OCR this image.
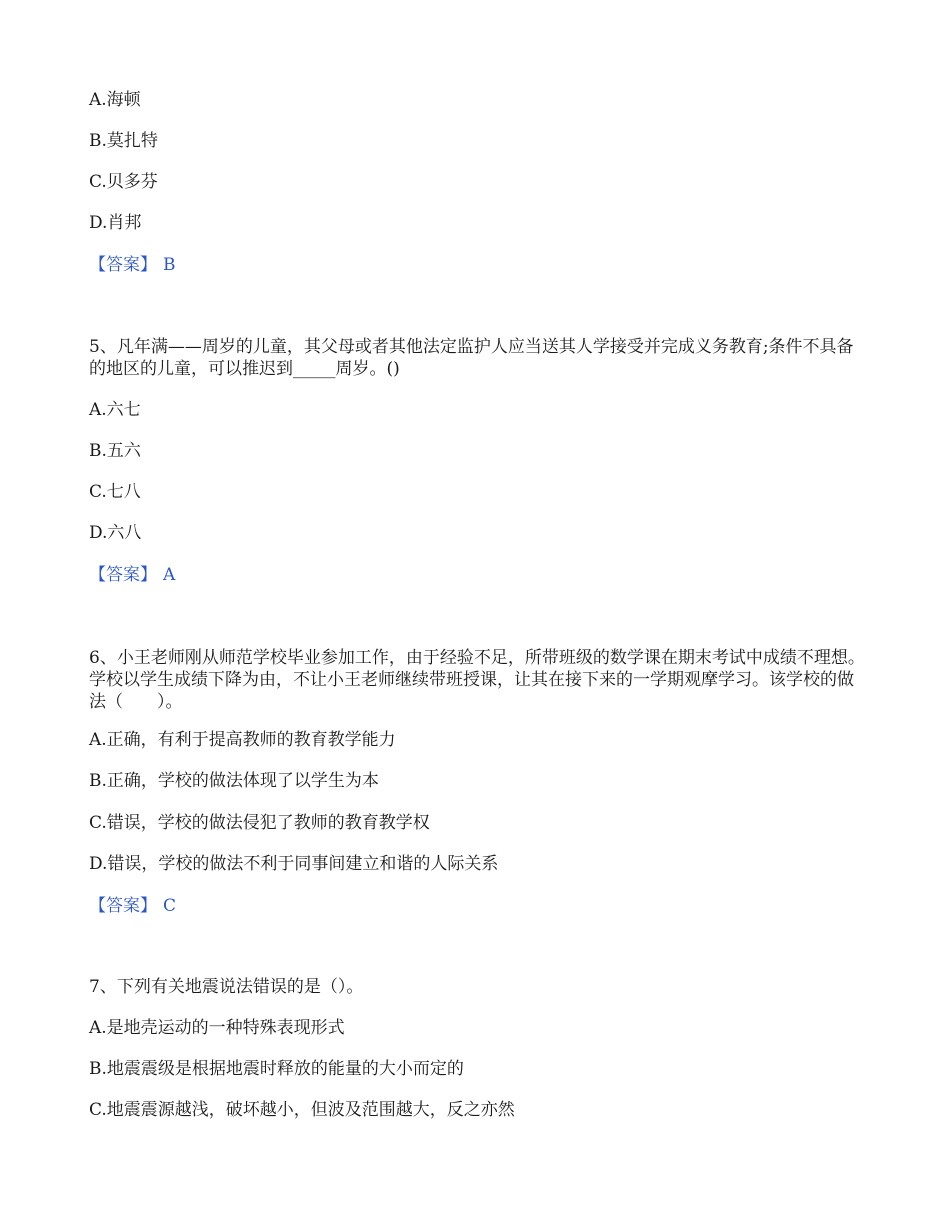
A.海顿
B.莫扎特
C.贝多芬
D.肖邦
【答案】 B
5、凡年满——周岁的儿童，其父母或者其他法定监护人应当送其人学接受并完成义务教育;条件不具备的地区的儿童，可以推迟到_____周岁。()
A.六七
B.五六
C.七八
D.六八
【答案】 A
6、小王老师刚从师范学校毕业参加工作，由于经验不足，所带班级的数学课在期末考试中成绩不理想。学校以学生成绩下降为由，不让小王老师继续带班授课，让其在接下来的一学期观摩学习。该学校的做法（　　）。
A.正确，有利于提高教师的教育教学能力
B.正确，学校的做法体现了以学生为本
C.错误，学校的做法侵犯了教师的教育教学权
D.错误，学校的做法不利于同事间建立和谐的人际关系
【答案】 C
7、下列有关地震说法错误的是（）。
A.是地壳运动的一种特殊表现形式
B.地震震级是根据地震时释放的能量的大小而定的
C.地震震源越浅，破坏越小，但波及范围越大，反之亦然
